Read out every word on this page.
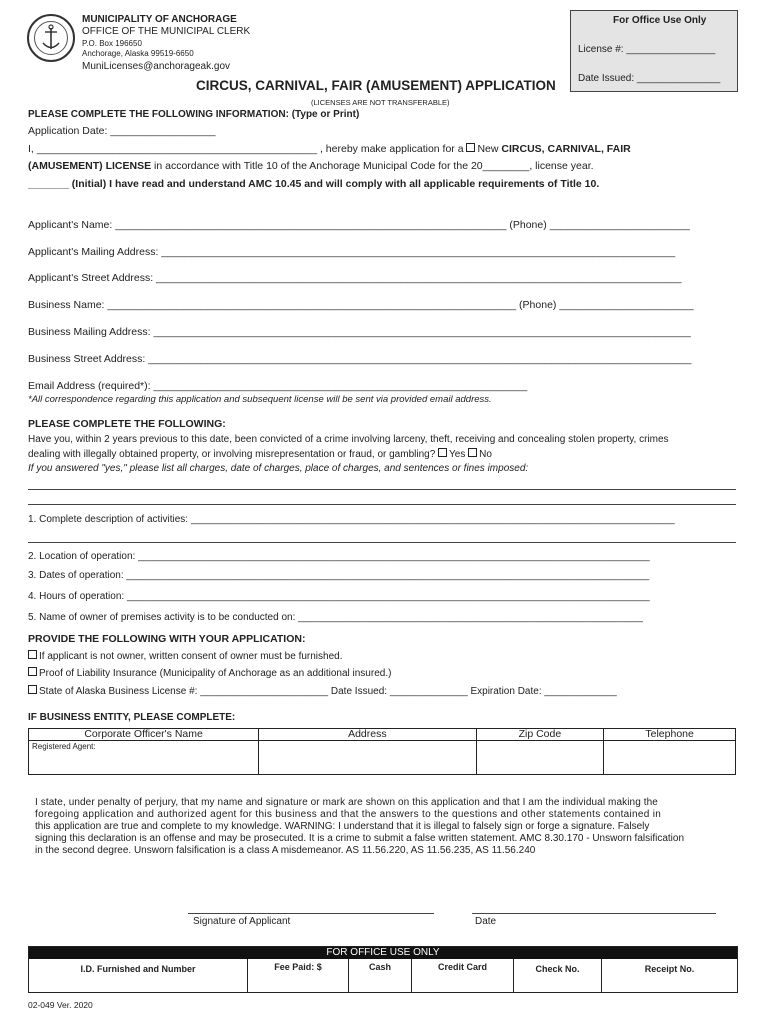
MUNICIPALITY OF ANCHORAGE
OFFICE OF THE MUNICIPAL CLERK
P.O. Box 196650
Anchorage, Alaska 99519-6650
MuniLicenses@anchorageak.gov
CIRCUS, CARNIVAL, FAIR (AMUSEMENT) APPLICATION
(LICENSES ARE NOT TRANSFERABLE)
For Office Use Only
License #: ________________
Date Issued: _______________
PLEASE COMPLETE THE FOLLOWING INFORMATION: (Type or Print)
Application Date: __________________
I, ________________________________________________ , hereby make application for a New CIRCUS, CARNIVAL, FAIR
(AMUSEMENT) LICENSE in accordance with Title 10 of the Anchorage Municipal Code for the 20________, license year.
_______ (Initial) I have read and understand AMC 10.45 and will comply with all applicable requirements of Title 10.
Applicant's Name: ___________________________________________________________________ (Phone) ________________________
Applicant's Mailing Address: ________________________________________________________________________________________
Applicant's Street Address: __________________________________________________________________________________________
Business Name: ______________________________________________________________________ (Phone) _______________________
Business Mailing Address: ____________________________________________________________________________________________
Business Street Address: _____________________________________________________________________________________________
Email Address (required*): ________________________________________________________________
*All correspondence regarding this application and subsequent license will be sent via provided email address.
PLEASE COMPLETE THE FOLLOWING:
Have you, within 2 years previous to this date, been convicted of a crime involving larceny, theft, receiving and concealing stolen property, crimes
dealing with illegally obtained property, or involving misrepresentation or fraud, or gambling? Yes No
If you answered "yes," please list all charges, date of charges, place of charges, and sentences or fines imposed:
1. Complete description of activities: _______________________________________________________________________________________
2. Location of operation: ____________________________________________________________________________________________
3. Dates of operation: ______________________________________________________________________________________________
4. Hours of operation: ______________________________________________________________________________________________
5. Name of owner of premises activity is to be conducted on: ______________________________________________________________
PROVIDE THE FOLLOWING WITH YOUR APPLICATION:
If applicant is not owner, written consent of owner must be furnished.
Proof of Liability Insurance (Municipality of Anchorage as an additional insured.)
State of Alaska Business License #: _______________________ Date Issued: ______________ Expiration Date: _____________
IF BUSINESS ENTITY, PLEASE COMPLETE:
Corporate Officer's Name	Address	Zip Code	Telephone
Registered Agent:			
I state, under penalty of perjury, that my name and signature or mark are shown on this application and that I am the individual making the
foregoing application and authorized agent for this business and that the answers to the questions and other statements contained in
this application are true and complete to my knowledge. WARNING: I understand that it is illegal to falsely sign or forge a signature. Falsely
signing this declaration is an offense and may be prosecuted. It is a crime to submit a false written statement. AMC 8.30.170 - Unsworn falsification
in the second degree. Unsworn falsification is a class A misdemeanor. AS 11.56.220, AS 11.56.235, AS 11.56.240
Signature of Applicant	Date
FOR OFFICE USE ONLY
I.D. Furnished and Number	Fee Paid: $	Cash	Credit Card	Check No.	Receipt No.
02-049 Ver. 2020
